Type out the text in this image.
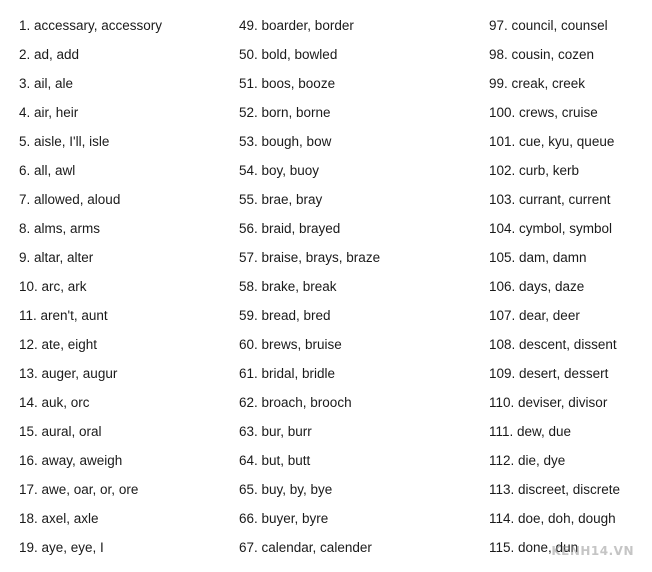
1. accessary, accessory
2. ad, add
3. ail, ale
4. air, heir
5. aisle, I'll, isle
6. all, awl
7. allowed, aloud
8. alms, arms
9. altar, alter
10. arc, ark
11. aren't, aunt
12. ate, eight
13. auger, augur
14. auk, orc
15. aural, oral
16. away, aweigh
17. awe, oar, or, ore
18. axel, axle
19. aye, eye, I
49. boarder, border
50. bold, bowled
51. boos, booze
52. born, borne
53. bough, bow
54. boy, buoy
55. brae, bray
56. braid, brayed
57. braise, brays, braze
58. brake, break
59. bread, bred
60. brews, bruise
61. bridal, bridle
62. broach, brooch
63. bur, burr
64. but, butt
65. buy, by, bye
66. buyer, byre
67. calendar, calender
97. council, counsel
98. cousin, cozen
99. creak, creek
100. crews, cruise
101. cue, kyu, queue
102. curb, kerb
103. currant, current
104. cymbol, symbol
105. dam, damn
106. days, daze
107. dear, deer
108. descent, dissent
109. desert, dessert
110. deviser, divisor
111. dew, due
112. die, dye
113. discreet, discrete
114. doe, doh, dough
115. done, dun
KENH14.VN
